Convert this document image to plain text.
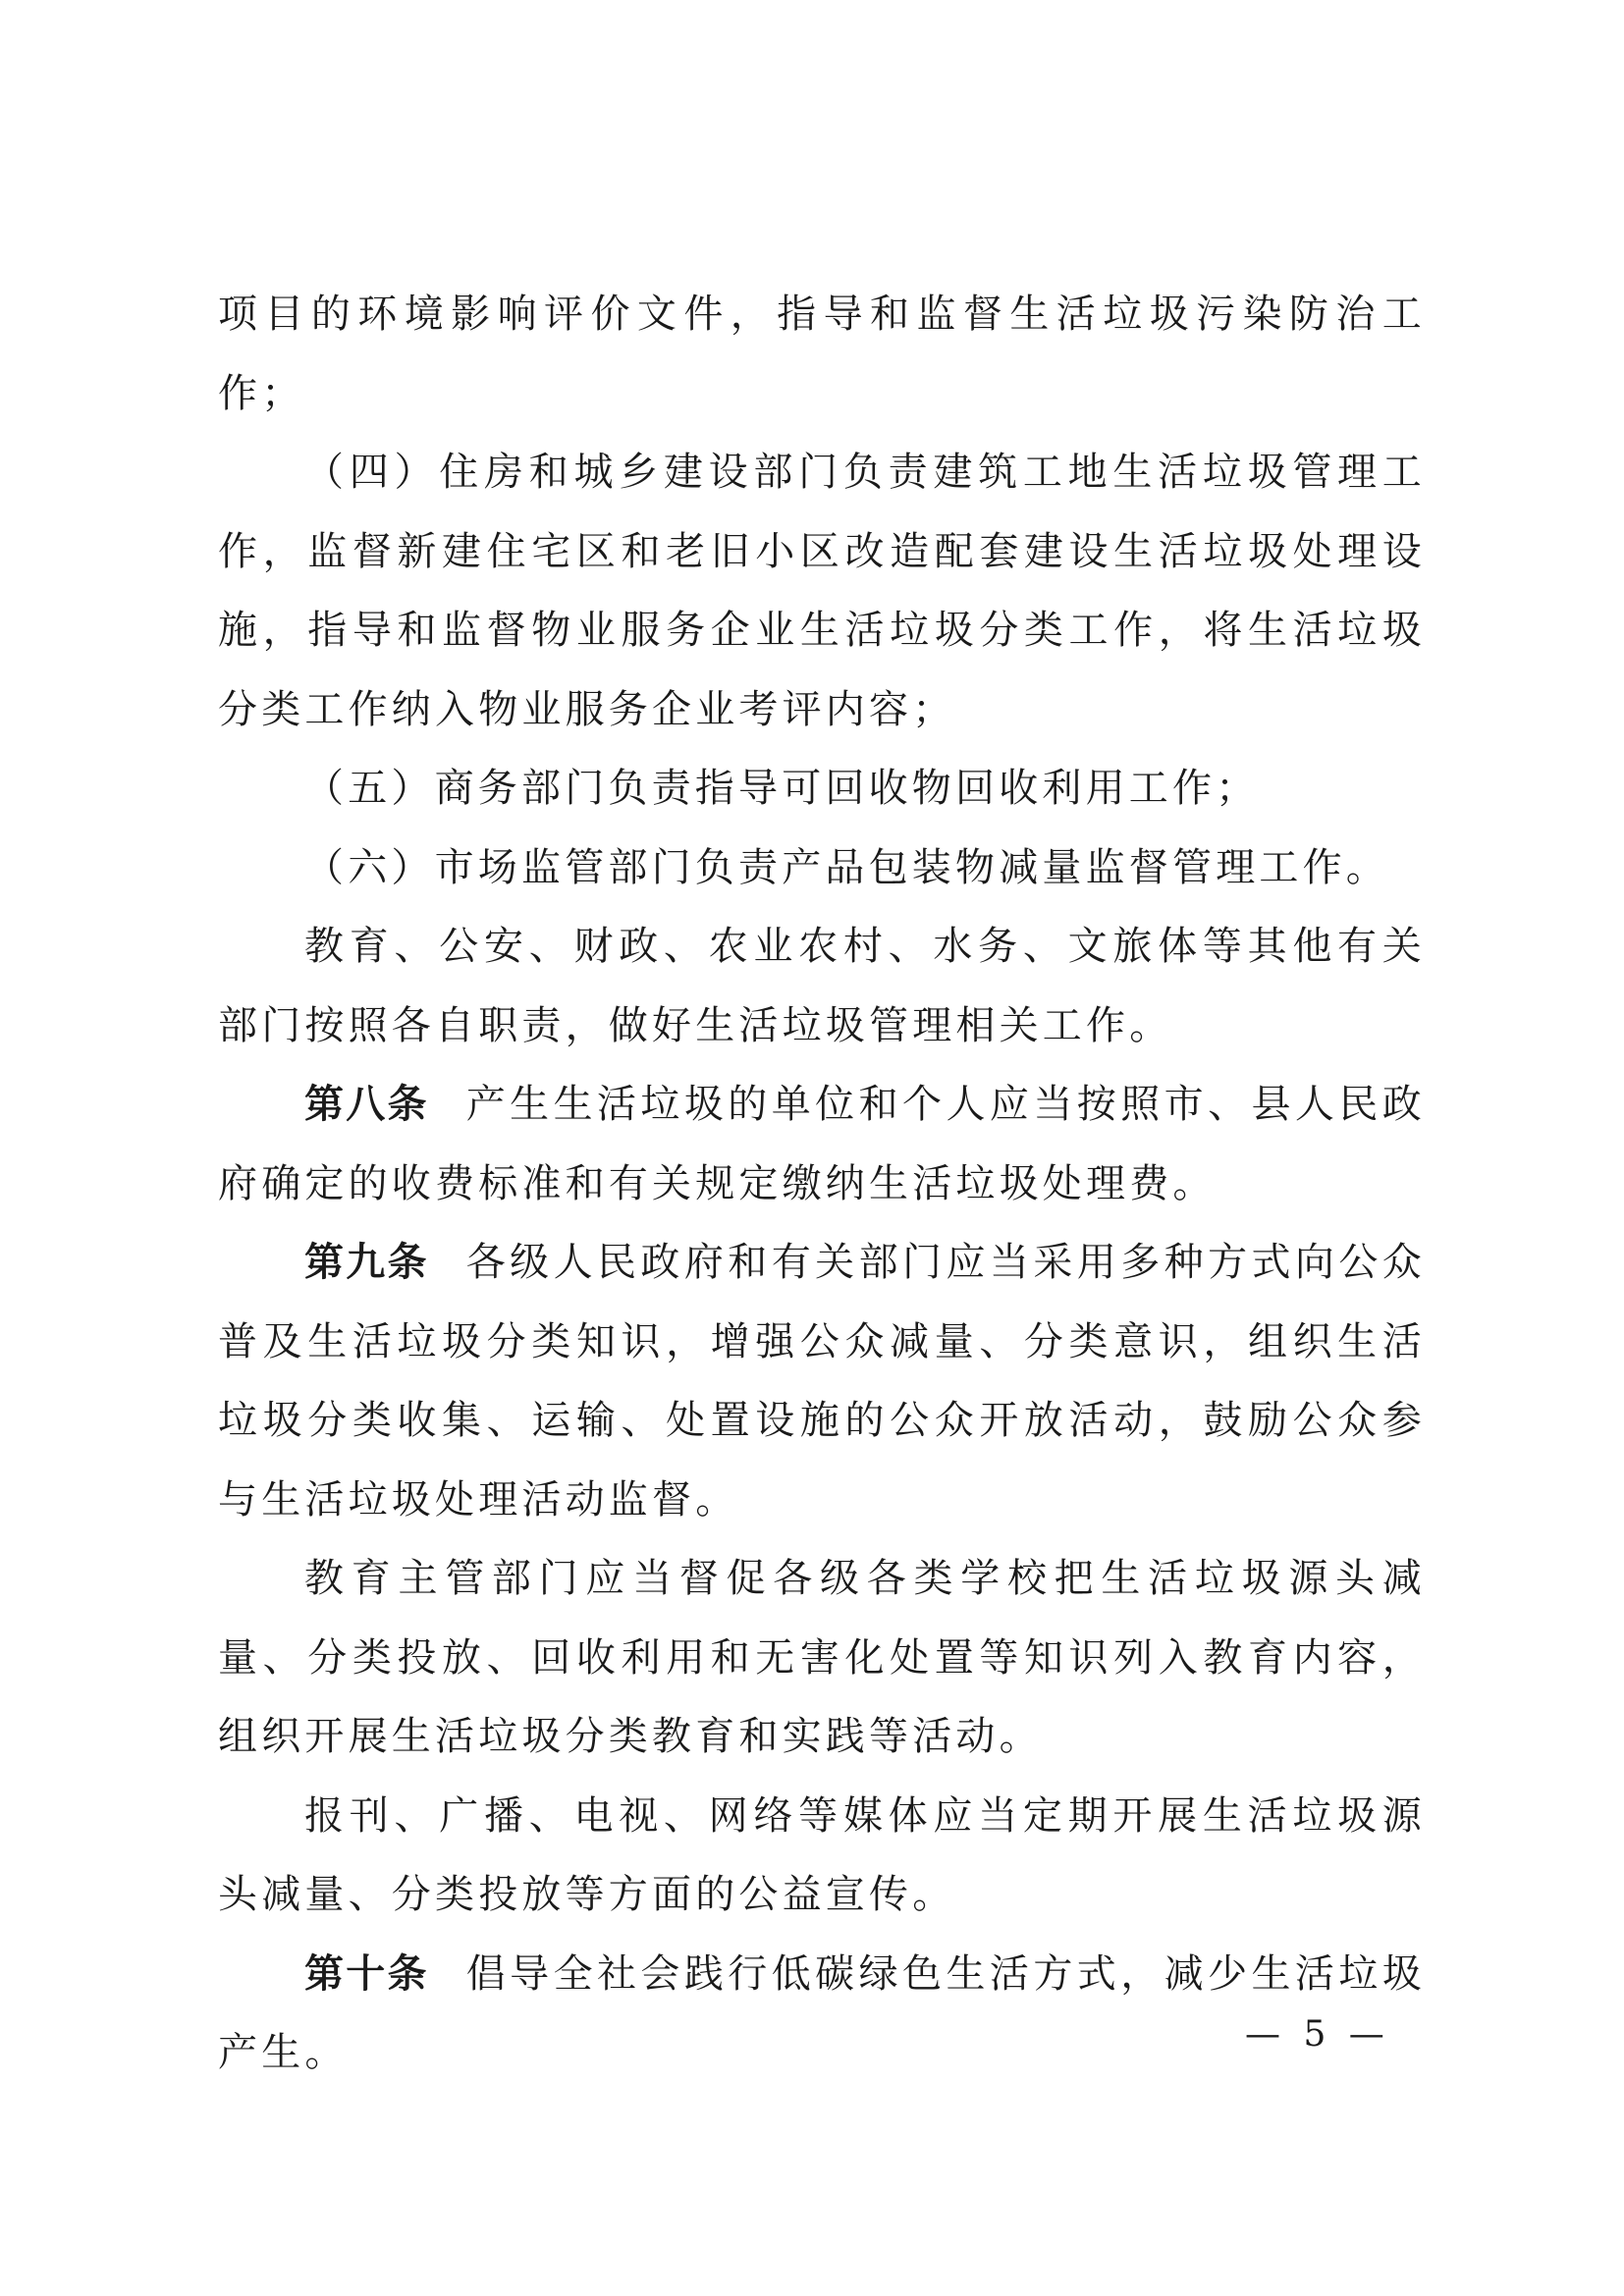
项目的环境影响评价文件，指导和监督生活垃圾污染防治工作；

（四）住房和城乡建设部门负责建筑工地生活垃圾管理工作，监督新建住宅区和老旧小区改造配套建设生活垃圾处理设施，指导和监督物业服务企业生活垃圾分类工作，将生活垃圾分类工作纳入物业服务企业考评内容；

（五）商务部门负责指导可回收物回收利用工作；

（六）市场监管部门负责产品包装物减量监督管理工作。

教育、公安、财政、农业农村、水务、文旅体等其他有关部门按照各自职责，做好生活垃圾管理相关工作。

第八条 产生生活垃圾的单位和个人应当按照市、县人民政府确定的收费标准和有关规定缴纳生活垃圾处理费。

第九条 各级人民政府和有关部门应当采用多种方式向公众普及生活垃圾分类知识，增强公众减量、分类意识，组织生活垃圾分类收集、运输、处置设施的公众开放活动，鼓励公众参与生活垃圾处理活动监督。

教育主管部门应当督促各级各类学校把生活垃圾源头减量、分类投放、回收利用和无害化处置等知识列入教育内容，组织开展生活垃圾分类教育和实践等活动。

报刊、广播、电视、网络等媒体应当定期开展生活垃圾源头减量、分类投放等方面的公益宣传。

第十条 倡导全社会践行低碳绿色生活方式，减少生活垃圾产生。	— 5 —
